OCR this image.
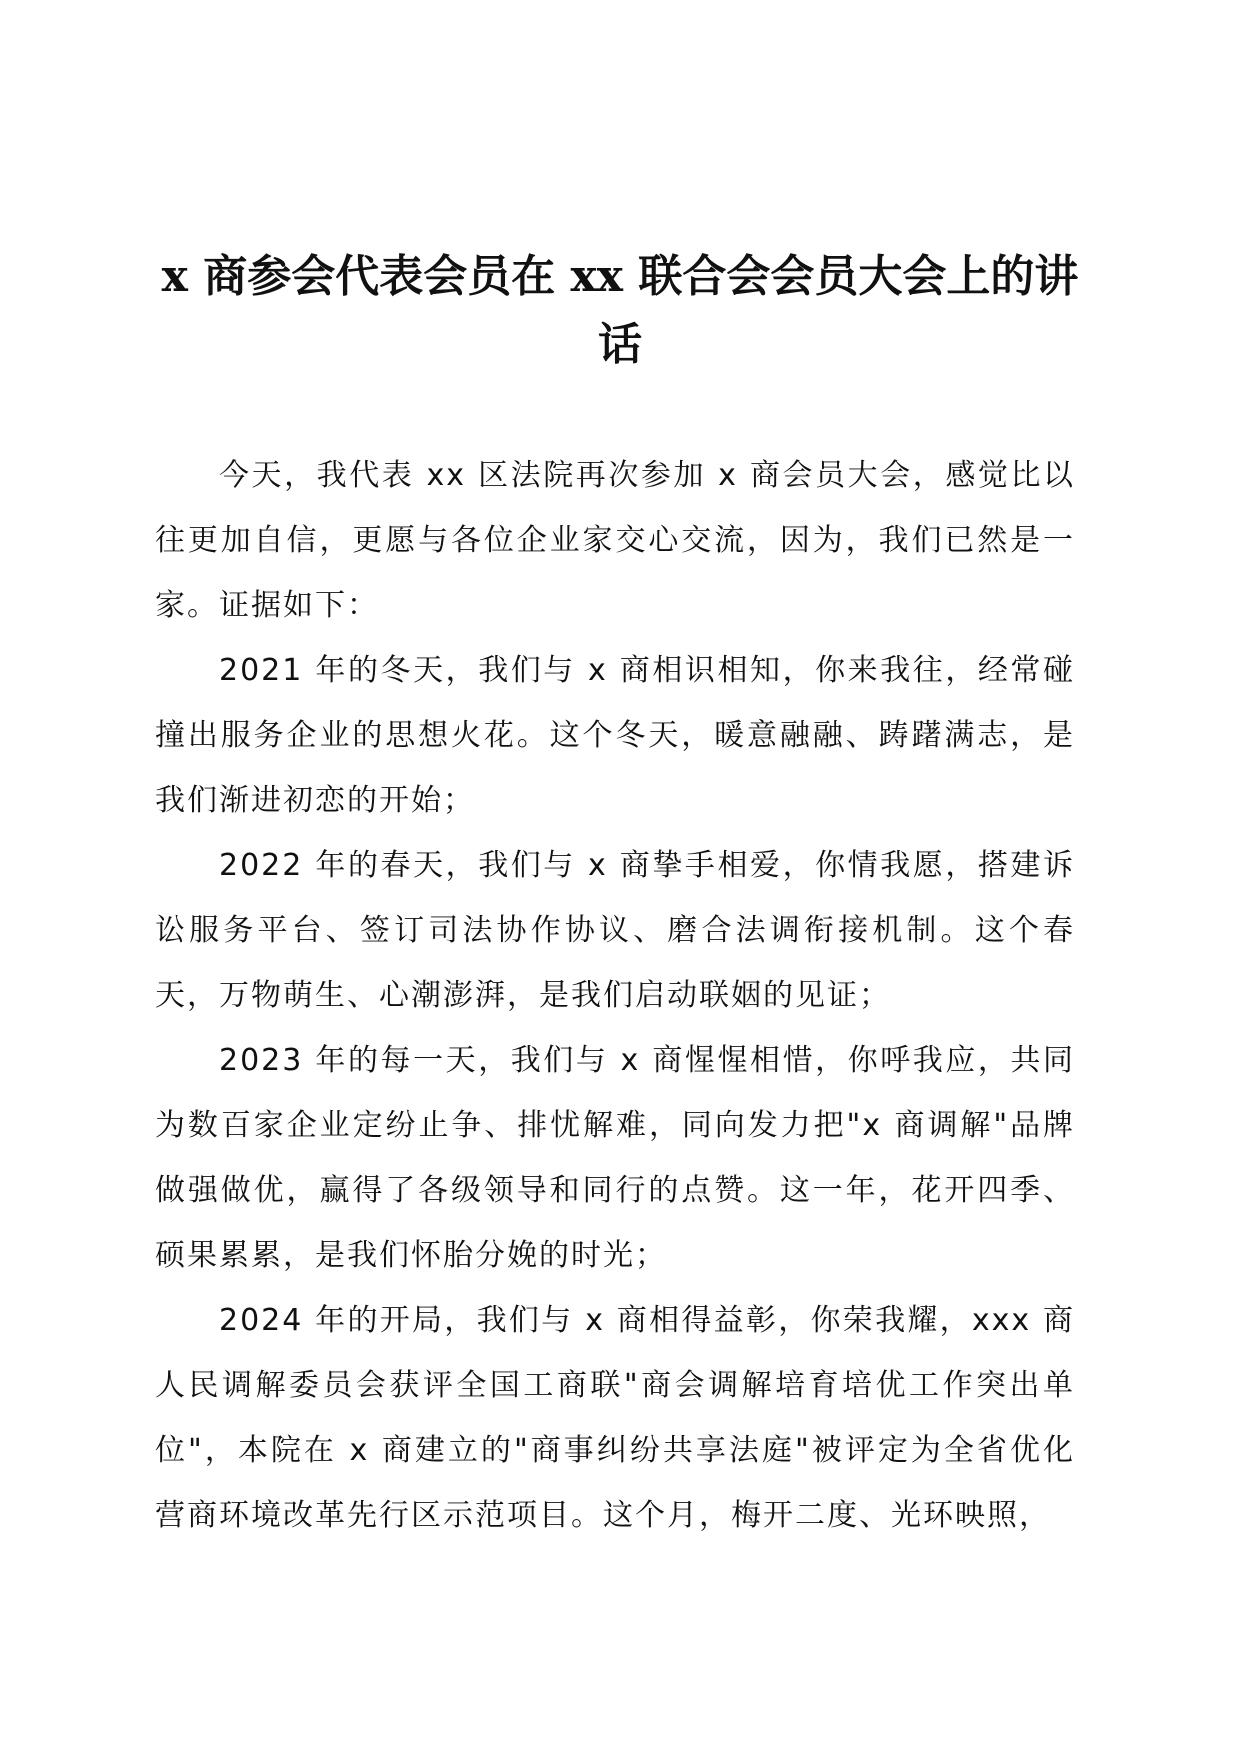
x 商参会代表会员在 xx 联合会会员大会上的讲话

今天，我代表 xx 区法院再次参加 x 商会员大会，感觉比以往更加自信，更愿与各位企业家交心交流，因为，我们已然是一家。证据如下：

2021 年的冬天，我们与 x 商相识相知，你来我往，经常碰撞出服务企业的思想火花。这个冬天，暖意融融、踌躇满志，是我们渐进初恋的开始；

2022 年的春天，我们与 x 商挚手相爱，你情我愿，搭建诉讼服务平台、签订司法协作协议、磨合法调衔接机制。这个春天，万物萌生、心潮澎湃，是我们启动联姻的见证；

2023 年的每一天，我们与 x 商惺惺相惜，你呼我应，共同为数百家企业定纷止争、排忧解难，同向发力把"x 商调解"品牌做强做优，赢得了各级领导和同行的点赞。这一年，花开四季、硕果累累，是我们怀胎分娩的时光；

2024 年的开局，我们与 x 商相得益彰，你荣我耀，xxx 商人民调解委员会获评全国工商联"商会调解培育培优工作突出单位"，本院在 x 商建立的"商事纠纷共享法庭"被评定为全省优化营商环境改革先行区示范项目。这个月，梅开二度、光环映照，
